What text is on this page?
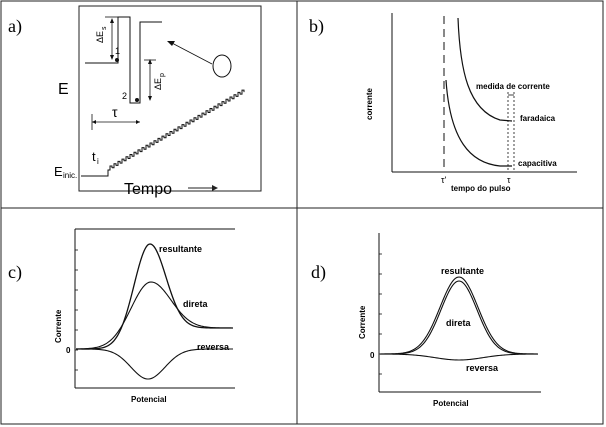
a)
E
Tempo
E inic.
t i
1
2
ΔE
s
ΔE
p
τ
b)
corrente
tempo do pulso
medida de corrente
faradaica
capacitiva
τ'	τ
c)
Corrente
Potencial
0
resultante
direta
reversa
d)
Corrente
Potencial
0
resultante
direta
reversa
